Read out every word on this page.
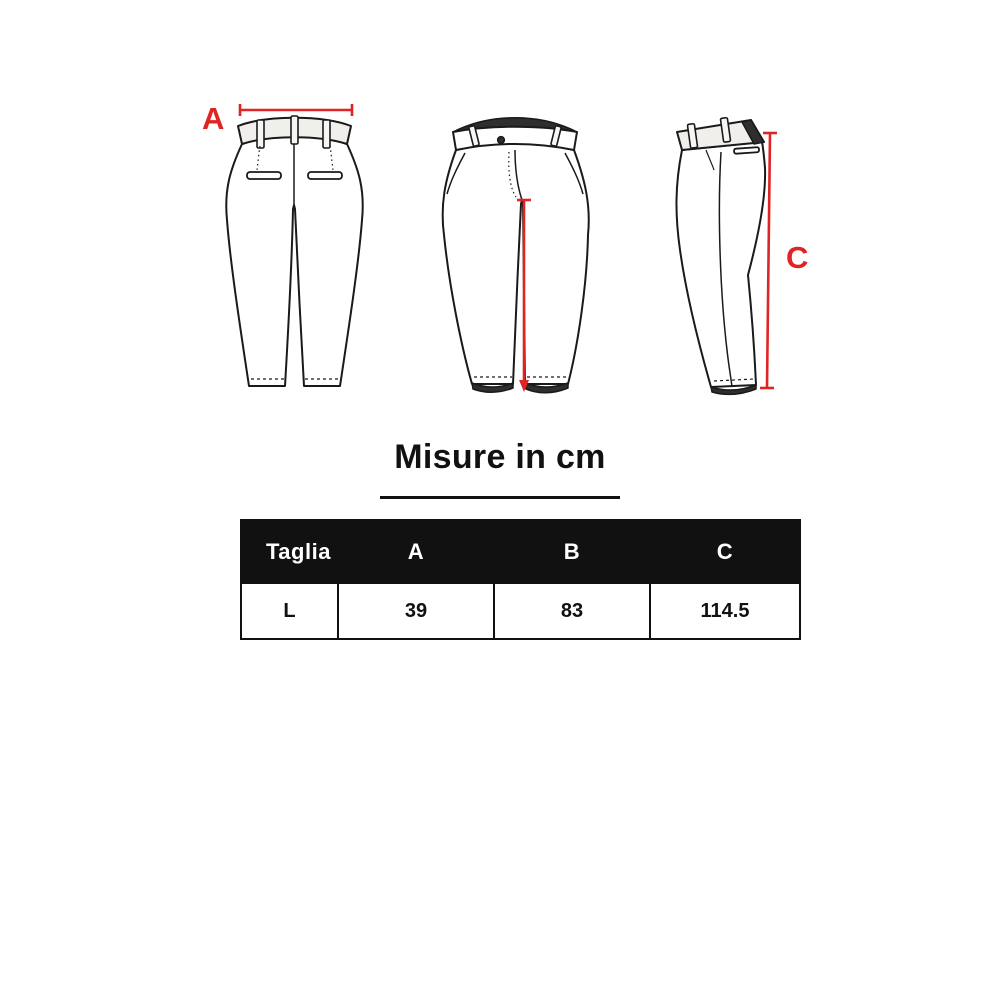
A
C
Misure in cm
Taglia	A	B	C
L	39	83	114.5
